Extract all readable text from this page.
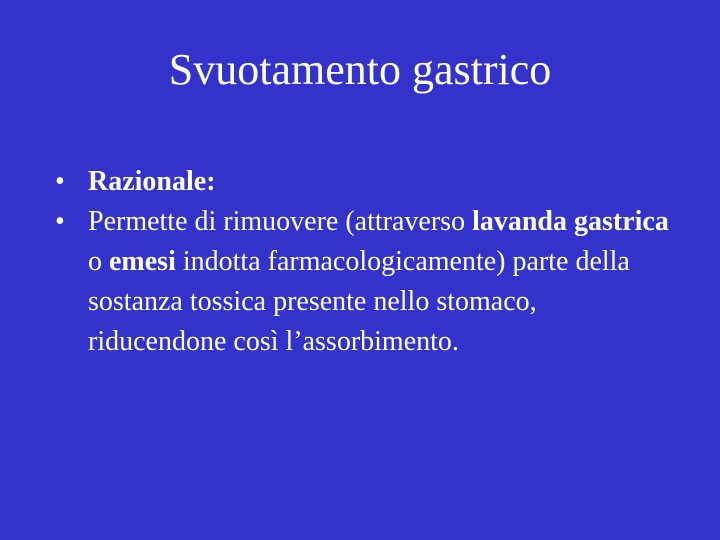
Svuotamento gastrico
• Razionale:
• Permette di rimuovere (attraverso lavanda gastrica o emesi indotta farmacologicamente) parte della sostanza tossica presente nello stomaco, riducendone così l’assorbimento.
